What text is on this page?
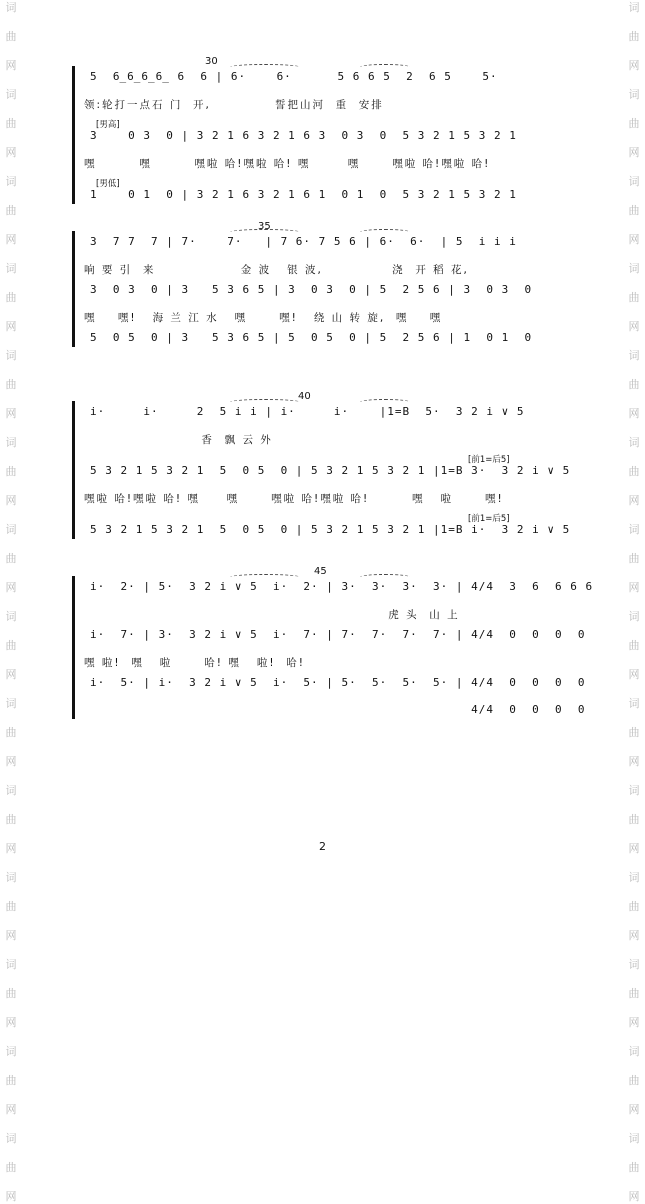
词
曲
网
词
曲
网
词
曲
网
词
曲
网
词
曲
网
词
曲
网
词
曲
网
词
曲
网
词
曲
网
词
曲
网
词
曲
网
词
曲
网
词
曲
网
词
曲
网
词
曲
网
词
曲
网
词
曲
网
词
曲
网
词
曲
网
词
曲
网
词
曲
网
词
曲
网
词
曲
网
词
曲
网
词
曲
网
词
曲
网
词
曲
网
词
曲
网
30
5  6̲6̲6̲6̲ 6  6 | 6·    6·      5 6 6 5  2  6 5    5·
领:轮打一点石 门  开,            誓把山河  重  安排
[男高]
3    0 3  0 | 3 2 1 6 3 2 1 6 3  0 3  0  5 3 2 1 5 3 2 1
嘿        嘿        嘿啦 哈!嘿啦 哈! 嘿       嘿      嘿啦 哈!嘿啦 哈!
[男低]
1    0 1  0 | 3 2 1 6 3 2 1 6 1  0 1  0  5 3 2 1 5 3 2 1
35
3  7 7  7 | 7·    7·   | 7 6· 7 5 6 | 6·  6·  | 5  i i i
响 要 引  来                金 波   银 波,             浇  开 稻 花,
3  0 3  0 | 3   5 3 6 5 | 3  0 3  0 | 5  2 5 6 | 3  0 3  0
嘿    嘿!   海 兰 江 水   嘿      嘿!   绕 山 转 旋,  嘿    嘿
5  0 5  0 | 3   5 3 6 5 | 5  0 5  0 | 5  2 5 6 | 1  0 1  0
40
i·     i·     2  5 i i | i·     i·    |1=B  5·  3 2 i ∨ 5
香  飘 云 外
[前1=后5]
5 3 2 1 5 3 2 1  5  0 5  0 | 5 3 2 1 5 3 2 1 |1=B 3·  3 2 i ∨ 5
嘿啦 哈!嘿啦 哈! 嘿     嘿      嘿啦 哈!嘿啦 哈!        嘿   啦      嘿!
[前1=后5]
5 3 2 1 5 3 2 1  5  0 5  0 | 5 3 2 1 5 3 2 1 |1=B i·  3 2 i ∨ 5
45
i·  2· | 5·  3 2 i ∨ 5  i·  2· | 3·  3·  3·  3· | 4/4  3  6  6 6 6
虎 头  山 上
i·  7· | 3·  3 2 i ∨ 5  i·  7· | 7·  7·  7·  7· | 4/4  0  0  0  0
嘿 啦!  嘿   啦      哈! 嘿   啦!  哈!
i·  5· | i·  3 2 i ∨ 5  i·  5· | 5·  5·  5·  5· | 4/4  0  0  0  0
4/4  0  0  0  0
2
